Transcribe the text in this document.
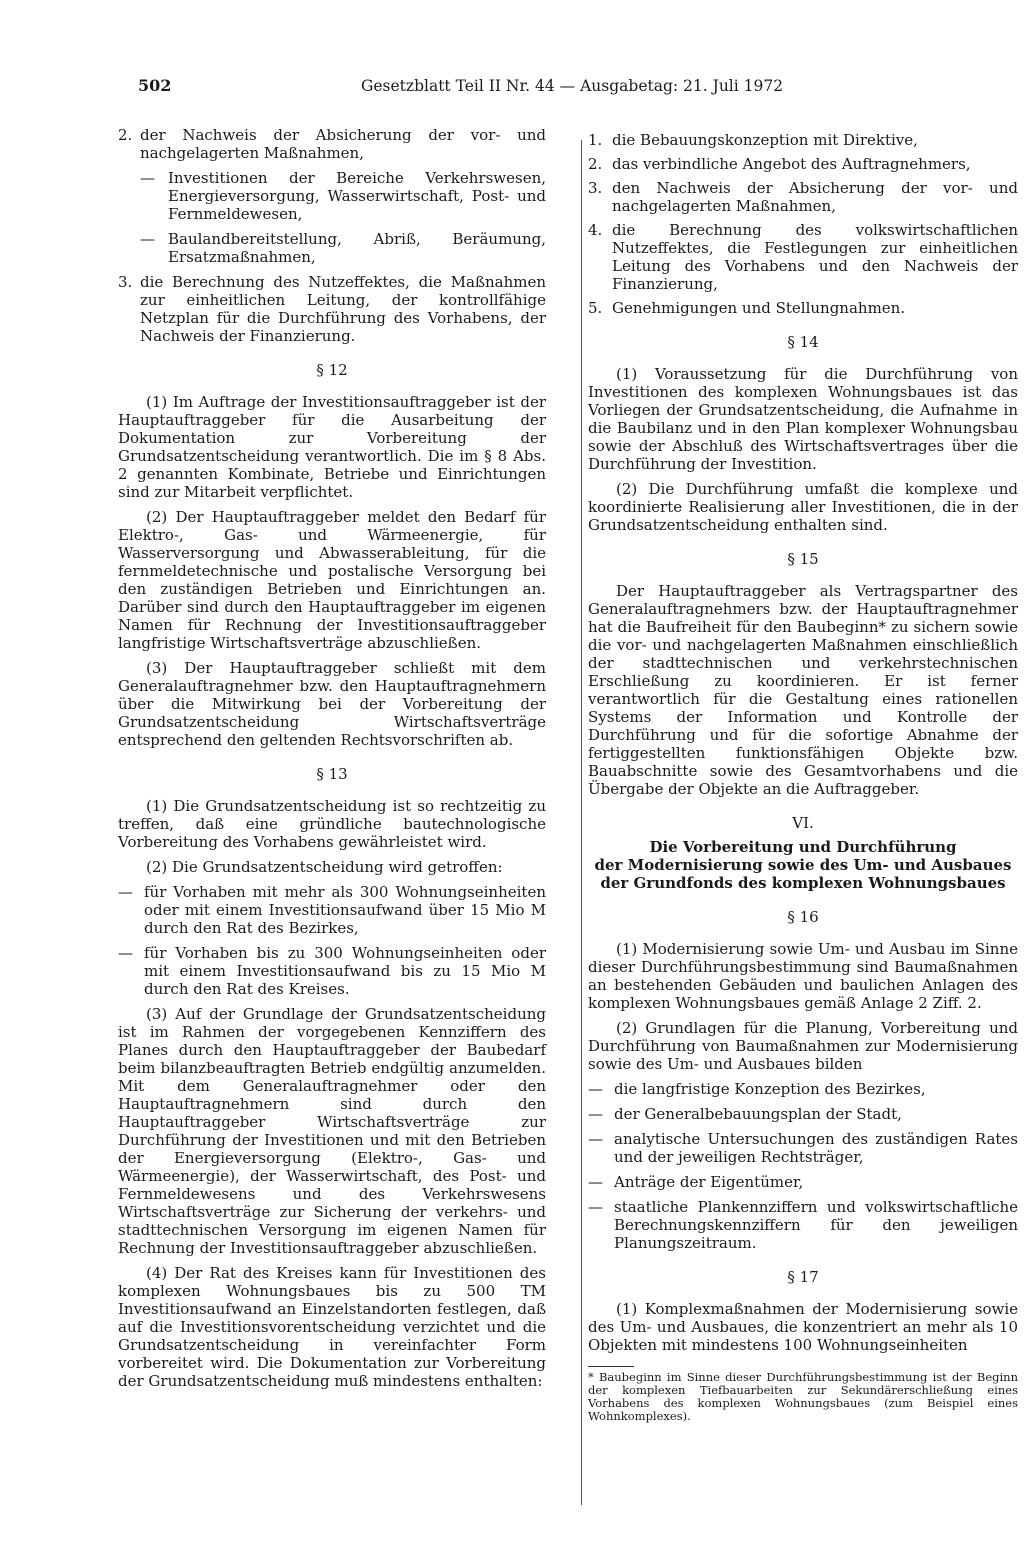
502	Gesetzblatt Teil II Nr. 44 — Ausgabetag: 21. Juli 1972
2. der Nachweis der Absicherung der vor- und nachgelagerten Maßnahmen,
— Investitionen der Bereiche Verkehrswesen, Energieversorgung, Wasserwirtschaft, Post- und Fernmeldewesen,
— Baulandbereitstellung, Abriß, Beräumung, Ersatzmaßnahmen,
3. die Berechnung des Nutzeffektes, die Maßnahmen zur einheitlichen Leitung, der kontrollfähige Netzplan für die Durchführung des Vorhabens, der Nachweis der Finanzierung.
§ 12

(1) Im Auftrage der Investitionsauftraggeber ist der Hauptauftraggeber für die Ausarbeitung der Dokumentation zur Vorbereitung der Grundsatzentscheidung verantwortlich. Die im § 8 Abs. 2 genannten Kombinate, Betriebe und Einrichtungen sind zur Mitarbeit verpflichtet.

(2) Der Hauptauftraggeber meldet den Bedarf für Elektro-, Gas- und Wärmeenergie, für Wasserversorgung und Abwasserableitung, für die fernmeldetechnische und postalische Versorgung bei den zuständigen Betrieben und Einrichtungen an. Darüber sind durch den Hauptauftraggeber im eigenen Namen für Rechnung der Investitionsauftraggeber langfristige Wirtschaftsverträge abzuschließen.

(3) Der Hauptauftraggeber schließt mit dem Generalauftragnehmer bzw. den Hauptauftragnehmern über die Mitwirkung bei der Vorbereitung der Grundsatzentscheidung Wirtschaftsverträge entsprechend den geltenden Rechtsvorschriften ab.

§ 13

(1) Die Grundsatzentscheidung ist so rechtzeitig zu treffen, daß eine gründliche bautechnologische Vorbereitung des Vorhabens gewährleistet wird.

(2) Die Grundsatzentscheidung wird getroffen:

— für Vorhaben mit mehr als 300 Wohnungseinheiten oder mit einem Investitionsaufwand über 15 Mio M durch den Rat des Bezirkes,
— für Vorhaben bis zu 300 Wohnungseinheiten oder mit einem Investitionsaufwand bis zu 15 Mio M durch den Rat des Kreises.

(3) Auf der Grundlage der Grundsatzentscheidung ist im Rahmen der vorgegebenen Kennziffern des Planes durch den Hauptauftraggeber der Baubedarf beim bilanzbeauftragten Betrieb endgültig anzumelden. Mit dem Generalauftragnehmer oder den Hauptauftragnehmern sind durch den Hauptauftraggeber Wirtschaftsverträge zur Durchführung der Investitionen und mit den Betrieben der Energieversorgung (Elektro-, Gas- und Wärmeenergie), der Wasserwirtschaft, des Post- und Fernmeldewesens und des Verkehrswesens Wirtschaftsverträge zur Sicherung der verkehrs- und stadttechnischen Versorgung im eigenen Namen für Rechnung der Investitionsauftraggeber abzuschließen.

(4) Der Rat des Kreises kann für Investitionen des komplexen Wohnungsbaues bis zu 500 TM Investitionsaufwand an Einzelstandorten festlegen, daß auf die Investitionsvorentscheidung verzichtet und die Grundsatzentscheidung in vereinfachter Form vorbereitet wird. Die Dokumentation zur Vorbereitung der Grundsatzentscheidung muß mindestens enthalten:

1. die Bebauungskonzeption mit Direktive,
2. das verbindliche Angebot des Auftragnehmers,
3. den Nachweis der Absicherung der vor- und nachgelagerten Maßnahmen,
4. die Berechnung des volkswirtschaftlichen Nutzeffektes, die Festlegungen zur einheitlichen Leitung des Vorhabens und den Nachweis der Finanzierung,
5. Genehmigungen und Stellungnahmen.
§ 14

(1) Voraussetzung für die Durchführung von Investitionen des komplexen Wohnungsbaues ist das Vorliegen der Grundsatzentscheidung, die Aufnahme in die Baubilanz und in den Plan komplexer Wohnungsbau sowie der Abschluß des Wirtschaftsvertrages über die Durchführung der Investition.

(2) Die Durchführung umfaßt die komplexe und koordinierte Realisierung aller Investitionen, die in der Grundsatzentscheidung enthalten sind.

§ 15

Der Hauptauftraggeber als Vertragspartner des Generalauftragnehmers bzw. der Hauptauftragnehmer hat die Baufreiheit für den Baubeginn* zu sichern sowie die vor- und nachgelagerten Maßnahmen einschließlich der stadttechnischen und verkehrstechnischen Erschließung zu koordinieren. Er ist ferner verantwortlich für die Gestaltung eines rationellen Systems der Information und Kontrolle der Durchführung und für die sofortige Abnahme der fertiggestellten funktionsfähigen Objekte bzw. Bauabschnitte sowie des Gesamtvorhabens und die Übergabe der Objekte an die Auftraggeber.

VI.
Die Vorbereitung und Durchführung
der Modernisierung sowie des Um- und Ausbaues
der Grundfonds des komplexen Wohnungsbaues
§ 16

(1) Modernisierung sowie Um- und Ausbau im Sinne dieser Durchführungsbestimmung sind Baumaßnahmen an bestehenden Gebäuden und baulichen Anlagen des komplexen Wohnungsbaues gemäß Anlage 2 Ziff. 2.

(2) Grundlagen für die Planung, Vorbereitung und Durchführung von Baumaßnahmen zur Modernisierung sowie des Um- und Ausbaues bilden

— die langfristige Konzeption des Bezirkes,
— der Generalbebauungsplan der Stadt,
— analytische Untersuchungen des zuständigen Rates und der jeweiligen Rechtsträger,
— Anträge der Eigentümer,
— staatliche Plankennziffern und volkswirtschaftliche Berechnungskennziffern für den jeweiligen Planungszeitraum.
§ 17

(1) Komplexmaßnahmen der Modernisierung sowie des Um- und Ausbaues, die konzentriert an mehr als 10 Objekten mit mindestens 100 Wohnungseinheiten

* Baubeginn im Sinne dieser Durchführungsbestimmung ist der Beginn der komplexen Tiefbauarbeiten zur Sekundärerschließung eines Vorhabens des komplexen Wohnungsbaues (zum Beispiel eines Wohnkomplexes).
